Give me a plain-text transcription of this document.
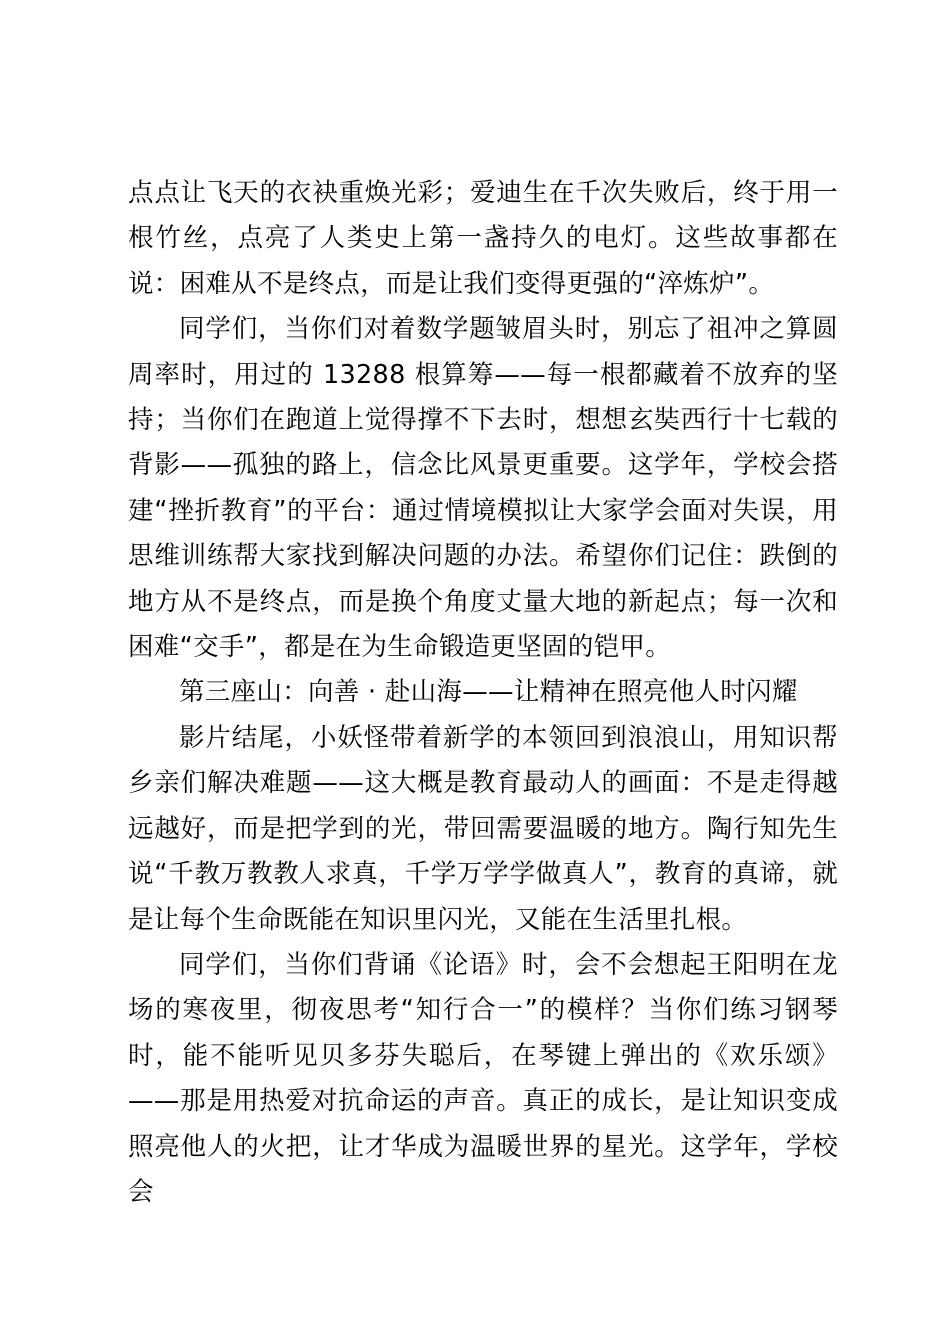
点点让飞天的衣袂重焕光彩；爱迪生在千次失败后，终于用一根竹丝，点亮了人类史上第一盏持久的电灯。这些故事都在说：困难从不是终点，而是让我们变得更强的“淬炼炉”。

同学们，当你们对着数学题皱眉头时，别忘了祖冲之算圆周率时，用过的 13288 根算筹——每一根都藏着不放弃的坚持；当你们在跑道上觉得撑不下去时，想想玄奘西行十七载的背影——孤独的路上，信念比风景更重要。这学年，学校会搭建“挫折教育”的平台：通过情境模拟让大家学会面对失误，用思维训练帮大家找到解决问题的办法。希望你们记住：跌倒的地方从不是终点，而是换个角度丈量大地的新起点；每一次和困难“交手”，都是在为生命锻造更坚固的铠甲。

第三座山：向善 · 赴山海——让精神在照亮他人时闪耀

影片结尾，小妖怪带着新学的本领回到浪浪山，用知识帮乡亲们解决难题——这大概是教育最动人的画面：不是走得越远越好，而是把学到的光，带回需要温暖的地方。陶行知先生说“千教万教教人求真，千学万学学做真人”，教育的真谛，就是让每个生命既能在知识里闪光，又能在生活里扎根。

同学们，当你们背诵《论语》时，会不会想起王阳明在龙场的寒夜里，彻夜思考“知行合一”的模样？当你们练习钢琴时，能不能听见贝多芬失聪后，在琴键上弹出的《欢乐颂》——那是用热爱对抗命运的声音。真正的成长，是让知识变成照亮他人的火把，让才华成为温暖世界的星光。这学年，学校会
